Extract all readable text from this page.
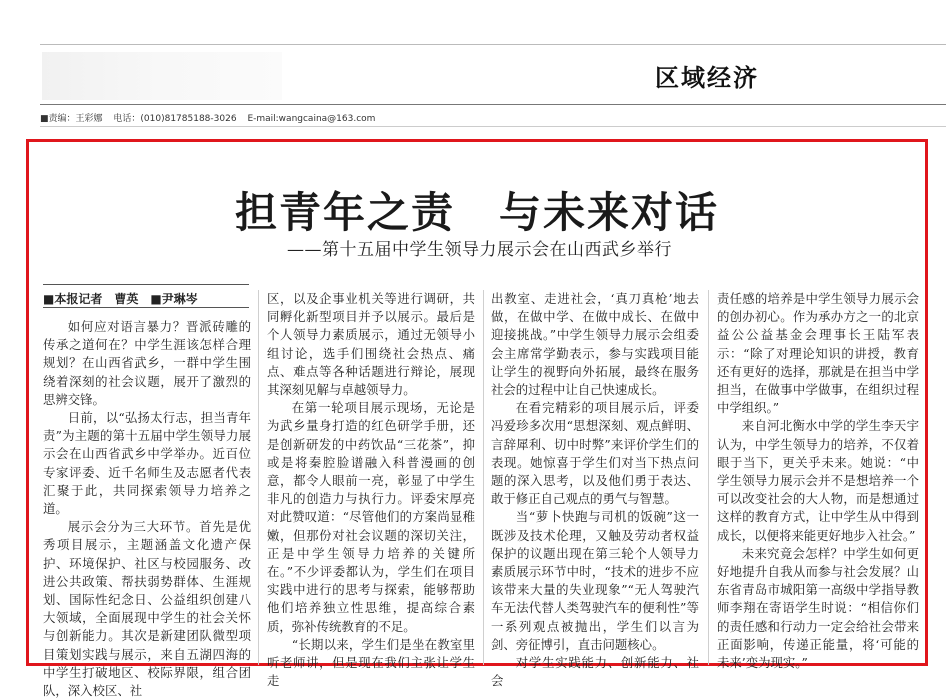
区域经济
■责编：王彩娜 电话：(010)81785188-3026 E-mail:wangcaina@163.com
担青年之责　与未来对话
——第十五届中学生领导力展示会在山西武乡举行
■本报记者　曹英　■尹琳岑

如何应对语言暴力？晋派砖雕的传承之道何在？中学生涯该怎样合理规划？在山西省武乡，一群中学生围绕着深刻的社会议题，展开了激烈的思辨交锋。

日前，以“弘扬太行志，担当青年责”为主题的第十五届中学生领导力展示会在山西省武乡中学举办。近百位专家评委、近千名师生及志愿者代表汇聚于此，共同探索领导力培养之道。

展示会分为三大环节。首先是优秀项目展示，主题涵盖文化遗产保护、环境保护、社区与校园服务、改进公共政策、帮扶弱势群体、生涯规划、国际性纪念日、公益组织创建八大领域，全面展现中学生的社会关怀与创新能力。其次是新建团队微型项目策划实践与展示，来自五湖四海的中学生打破地区、校际界限，组合团队，深入校区、社

区，以及企事业机关等进行调研，共同孵化新型项目并予以展示。最后是个人领导力素质展示，通过无领导小组讨论，选手们围绕社会热点、痛点、难点等各种话题进行辩论，展现其深刻见解与卓越领导力。

在第一轮项目展示现场，无论是为武乡量身打造的红色研学手册，还是创新研发的中药饮品“三花茶”，抑或是将秦腔脸谱融入科普漫画的创意，都令人眼前一亮，彰显了中学生非凡的创造力与执行力。评委宋厚亮对此赞叹道：“尽管他们的方案尚显稚嫩，但那份对社会议题的深切关注，正是中学生领导力培养的关键所在。”不少评委都认为，学生们在项目实践中进行的思考与探索，能够帮助他们培养独立性思维，提高综合素质，弥补传统教育的不足。

“长期以来，学生们是坐在教室里听老师讲，但是现在我们主张让学生走

出教室、走进社会，‘真刀真枪’地去做，在做中学、在做中成长、在做中迎接挑战。”中学生领导力展示会组委会主席常学勤表示，参与实践项目能让学生的视野向外拓展，最终在服务社会的过程中让自己快速成长。

在看完精彩的项目展示后，评委冯爱珍多次用“思想深刻、观点鲜明、言辞犀利、切中时弊”来评价学生们的表现。她惊喜于学生们对当下热点问题的深入思考，以及他们勇于表达、敢于修正自己观点的勇气与智慧。

当“萝卜快跑与司机的饭碗”这一既涉及技术伦理，又触及劳动者权益保护的议题出现在第三轮个人领导力素质展示环节中时，“技术的进步不应该带来大量的失业现象”“无人驾驶汽车无法代替人类驾驶汽车的便利性”等一系列观点被抛出，学生们以言为剑、旁征博引，直击问题核心。

对学生实践能力、创新能力、社会

责任感的培养是中学生领导力展示会的创办初心。作为承办方之一的北京益公公益基金会理事长王陆军表示：“除了对理论知识的讲授，教育还有更好的选择，那就是在担当中学担当，在做事中学做事，在组织过程中学组织。”

来自河北衡水中学的学生李天宇认为，中学生领导力的培养，不仅着眼于当下，更关乎未来。她说：“中学生领导力展示会并不是想培养一个可以改变社会的大人物，而是想通过这样的教育方式，让中学生从中得到成长，以便将来能更好地步入社会。”

未来究竟会怎样？中学生如何更好地提升自我从而参与社会发展？山东省青岛市城阳第一高级中学指导教师李翔在寄语学生时说：“相信你们的责任感和行动力一定会给社会带来正面影响，传递正能量，将‘可能的未来’变为现实。”
